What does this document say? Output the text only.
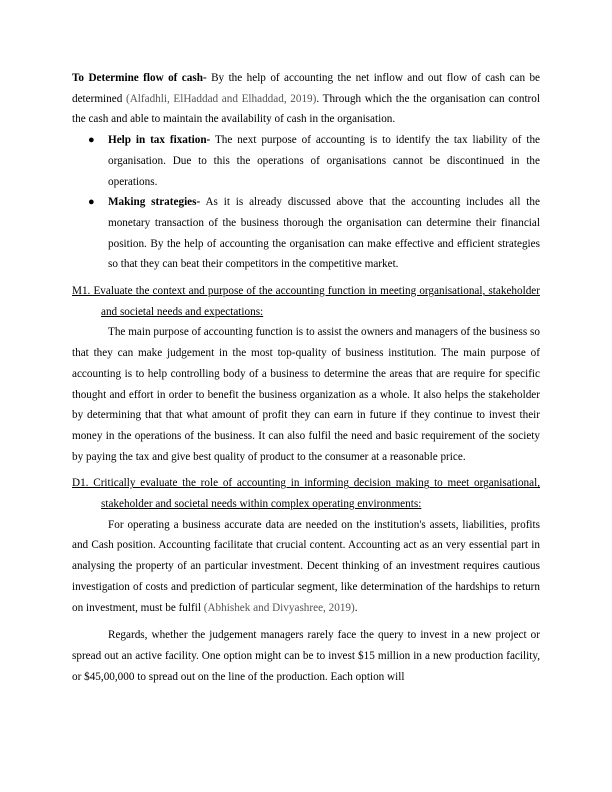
To Determine flow of cash- By the help of accounting the net inflow and out flow of cash can be determined (Alfadhli, ElHaddad and Elhaddad, 2019). Through which the the organisation can control the cash and able to maintain the availability of cash in the organisation.

● Help in tax fixation- The next purpose of accounting is to identify the tax liability of the organisation. Due to this the operations of organisations cannot be discontinued in the operations.
● Making strategies- As it is already discussed above that the accounting includes all the monetary transaction of the business thorough the organisation can determine their financial position. By the help of accounting the organisation can make effective and efficient strategies so that they can beat their competitors in the competitive market.

M1. Evaluate the context and purpose of the accounting function in meeting organisational, stakeholder and societal needs and expectations:

The main purpose of accounting function is to assist the owners and managers of the business so that they can make judgement in the most top-quality of business institution. The main purpose of accounting is to help controlling body of a business to determine the areas that are require for specific thought and effort in order to benefit the business organization as a whole. It also helps the stakeholder by determining that that what amount of profit they can earn in future if they continue to invest their money in the operations of the business. It can also fulfil the need and basic requirement of the society by paying the tax and give best quality of product to the consumer at a reasonable price.

D1. Critically evaluate the role of accounting in informing decision making to meet organisational, stakeholder and societal needs within complex operating environments:

For operating a business accurate data are needed on the institution's assets, liabilities, profits and Cash position. Accounting facilitate that crucial content. Accounting act as an very essential part in analysing the property of an particular investment. Decent thinking of an investment requires cautious investigation of costs and prediction of particular segment, like determination of the hardships to return on investment, must be fulfil (Abhishek and Divyashree, 2019).

Regards, whether the judgement managers rarely face the query to invest in a new project or spread out an active facility. One option might can be to invest $15 million in a new production facility, or $45,00,000 to spread out on the line of the production. Each option will
